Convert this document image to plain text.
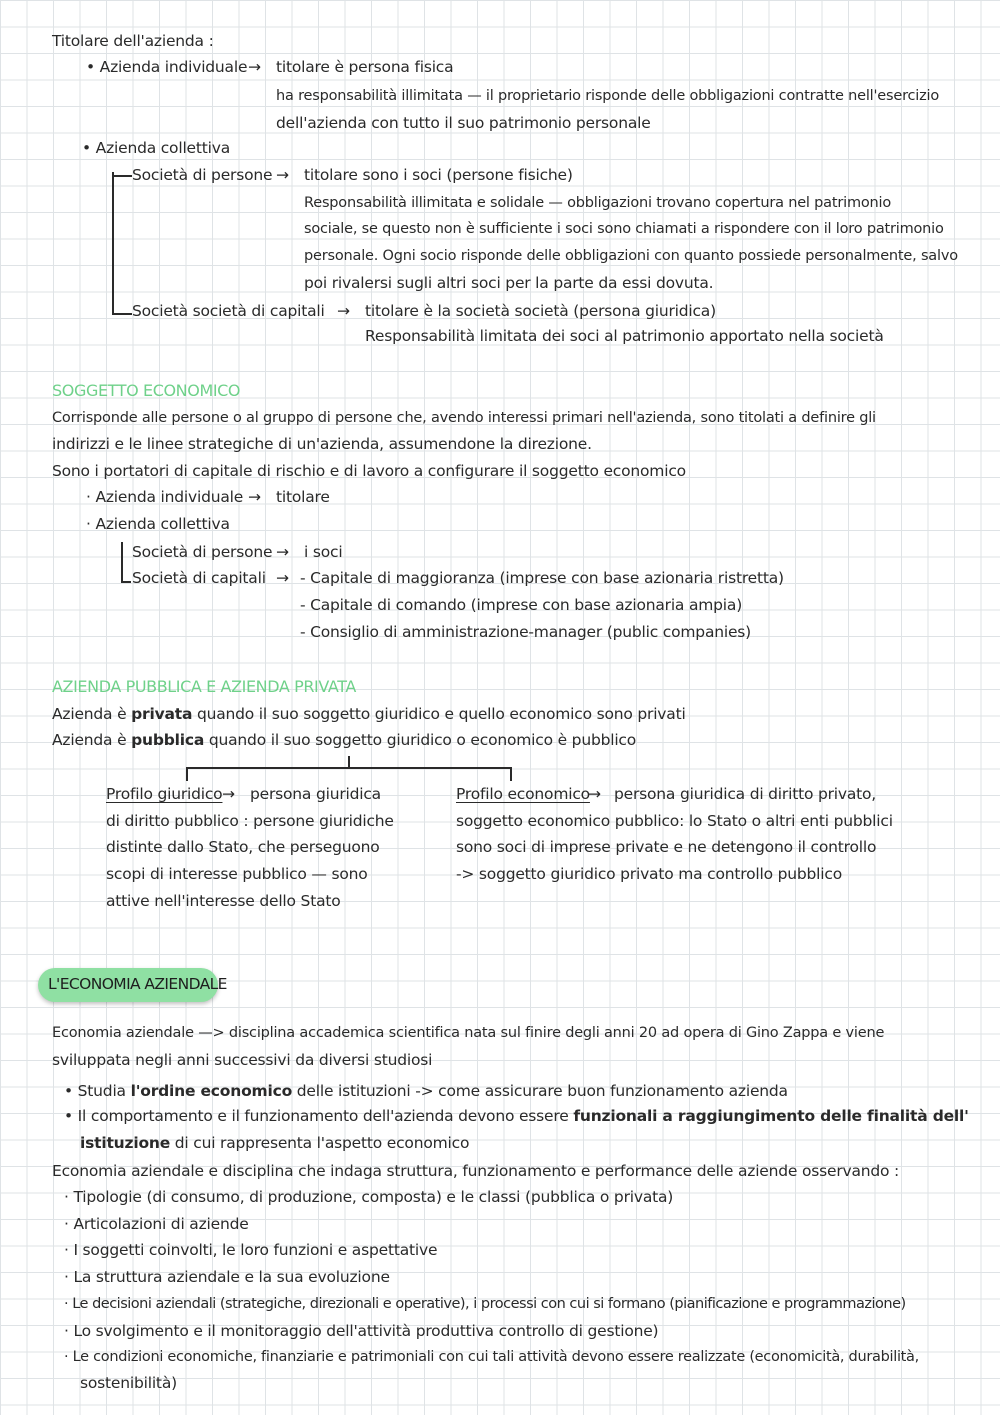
Titolare dell'azienda :
• Azienda individuale → titolare è persona fisica
ha responsabilità illimitata — il proprietario risponde delle obbligazioni contratte nell'esercizio
dell'azienda con tutto il suo patrimonio personale
• Azienda collettiva
Società di persone → titolare sono i soci (persone fisiche)
Responsabilità illimitata e solidale — obbligazioni trovano copertura nel patrimonio
sociale, se questo non è sufficiente i soci sono chiamati a rispondere con il loro patrimonio
personale. Ogni socio risponde delle obbligazioni con quanto possiede personalmente, salvo
poi rivalersi sugli altri soci per la parte da essi dovuta.
Società società di capitali → titolare è la società società (persona giuridica)
Responsabilità limitata dei soci al patrimonio apportato nella società
SOGGETTO ECONOMICO
Corrisponde alle persone o al gruppo di persone che, avendo interessi primari nell'azienda, sono titolati a definire gli
indirizzi e le linee strategiche di un'azienda, assumendone la direzione.
Sono i portatori di capitale di rischio e di lavoro a configurare il soggetto economico
· Azienda individuale → titolare
· Azienda collettiva
Società di persone → i soci
Società di capitali → - Capitale di maggioranza (imprese con base azionaria ristretta)
- Capitale di comando (imprese con base azionaria ampia)
- Consiglio di amministrazione-manager (public companies)
AZIENDA PUBBLICA E AZIENDA PRIVATA
Azienda è privata quando il suo soggetto giuridico e quello economico sono privati
Azienda è pubblica quando il suo soggetto giuridico o economico è pubblico
Profilo giuridico → persona giuridica
di diritto pubblico : persone giuridiche
distinte dallo Stato, che perseguono
scopi di interesse pubblico — sono
attive nell'interesse dello Stato
Profilo economico
→ persona giuridica di diritto privato,
soggetto economico pubblico: lo Stato o altri enti pubblici
sono soci di imprese private e ne detengono il controllo
-> soggetto giuridico privato ma controllo pubblico
L'ECONOMIA AZIENDALE
Economia aziendale —> disciplina accademica scientifica nata sul finire degli anni 20 ad opera di Gino Zappa e viene
sviluppata negli anni successivi da diversi studiosi
• Studia l'ordine economico delle istituzioni -> come assicurare buon funzionamento azienda
• Il comportamento e il funzionamento dell'azienda devono essere funzionali a raggiungimento delle finalità dell'
istituzione di cui rappresenta l'aspetto economico
Economia aziendale e disciplina che indaga struttura, funzionamento e performance delle aziende osservando :
· Tipologie (di consumo, di produzione, composta) e le classi (pubblica o privata)
· Articolazioni di aziende
· I soggetti coinvolti, le loro funzioni e aspettative
· La struttura aziendale e la sua evoluzione
· Le decisioni aziendali (strategiche, direzionali e operative), i processi con cui si formano (pianificazione e programmazione)
· Lo svolgimento e il monitoraggio dell'attività produttiva controllo di gestione)
· Le condizioni economiche, finanziarie e patrimoniali con cui tali attività devono essere realizzate (economicità, durabilità,
sostenibilità)
